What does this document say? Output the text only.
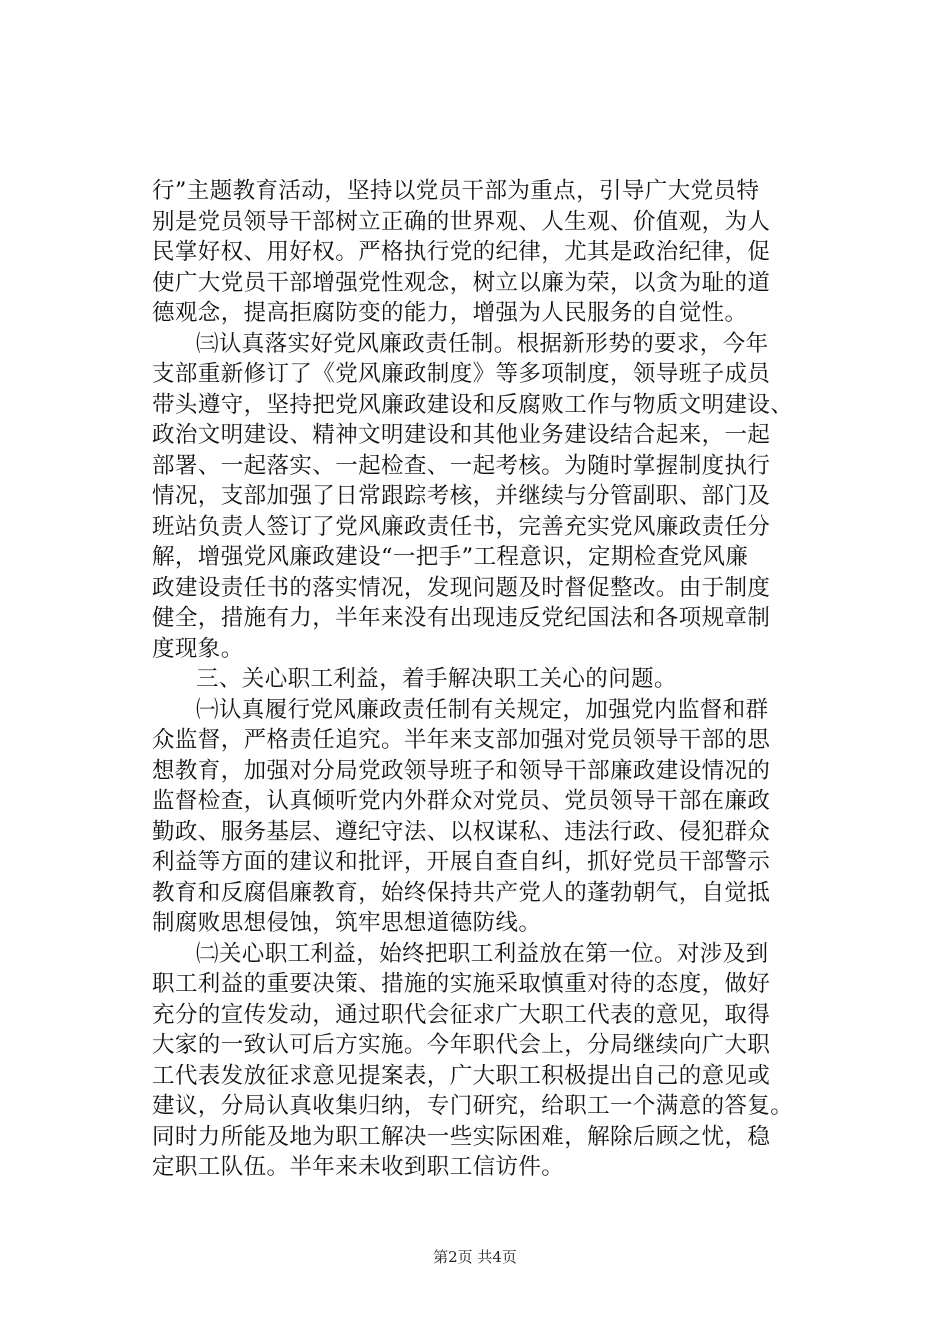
行”主题教育活动，坚持以党员干部为重点，引导广大党员特
别是党员领导干部树立正确的世界观、人生观、价值观，为人
民掌好权、用好权。严格执行党的纪律，尤其是政治纪律，促
使广大党员干部增强党性观念，树立以廉为荣，以贪为耻的道
德观念，提高拒腐防变的能力，增强为人民服务的自觉性。
㈢认真落实好党风廉政责任制。根据新形势的要求，今年
支部重新修订了《党风廉政制度》等多项制度，领导班子成员
带头遵守，坚持把党风廉政建设和反腐败工作与物质文明建设、
政治文明建设、精神文明建设和其他业务建设结合起来，一起
部署、一起落实、一起检查、一起考核。为随时掌握制度执行
情况，支部加强了日常跟踪考核，并继续与分管副职、部门及
班站负责人签订了党风廉政责任书，完善充实党风廉政责任分
解，增强党风廉政建设“一把手”工程意识，定期检查党风廉
政建设责任书的落实情况，发现问题及时督促整改。由于制度
健全，措施有力，半年来没有出现违反党纪国法和各项规章制
度现象。
三、关心职工利益，着手解决职工关心的问题。
㈠认真履行党风廉政责任制有关规定，加强党内监督和群
众监督，严格责任追究。半年来支部加强对党员领导干部的思
想教育，加强对分局党政领导班子和领导干部廉政建设情况的
监督检查，认真倾听党内外群众对党员、党员领导干部在廉政
勤政、服务基层、遵纪守法、以权谋私、违法行政、侵犯群众
利益等方面的建议和批评，开展自查自纠，抓好党员干部警示
教育和反腐倡廉教育，始终保持共产党人的蓬勃朝气，自觉抵
制腐败思想侵蚀，筑牢思想道德防线。
㈡关心职工利益，始终把职工利益放在第一位。对涉及到
职工利益的重要决策、措施的实施采取慎重对待的态度，做好
充分的宣传发动，通过职代会征求广大职工代表的意见，取得
大家的一致认可后方实施。今年职代会上，分局继续向广大职
工代表发放征求意见提案表，广大职工积极提出自己的意见或
建议，分局认真收集归纳，专门研究，给职工一个满意的答复。
同时力所能及地为职工解决一些实际困难，解除后顾之忧，稳
定职工队伍。半年来未收到职工信访件。
第2页 共4页
